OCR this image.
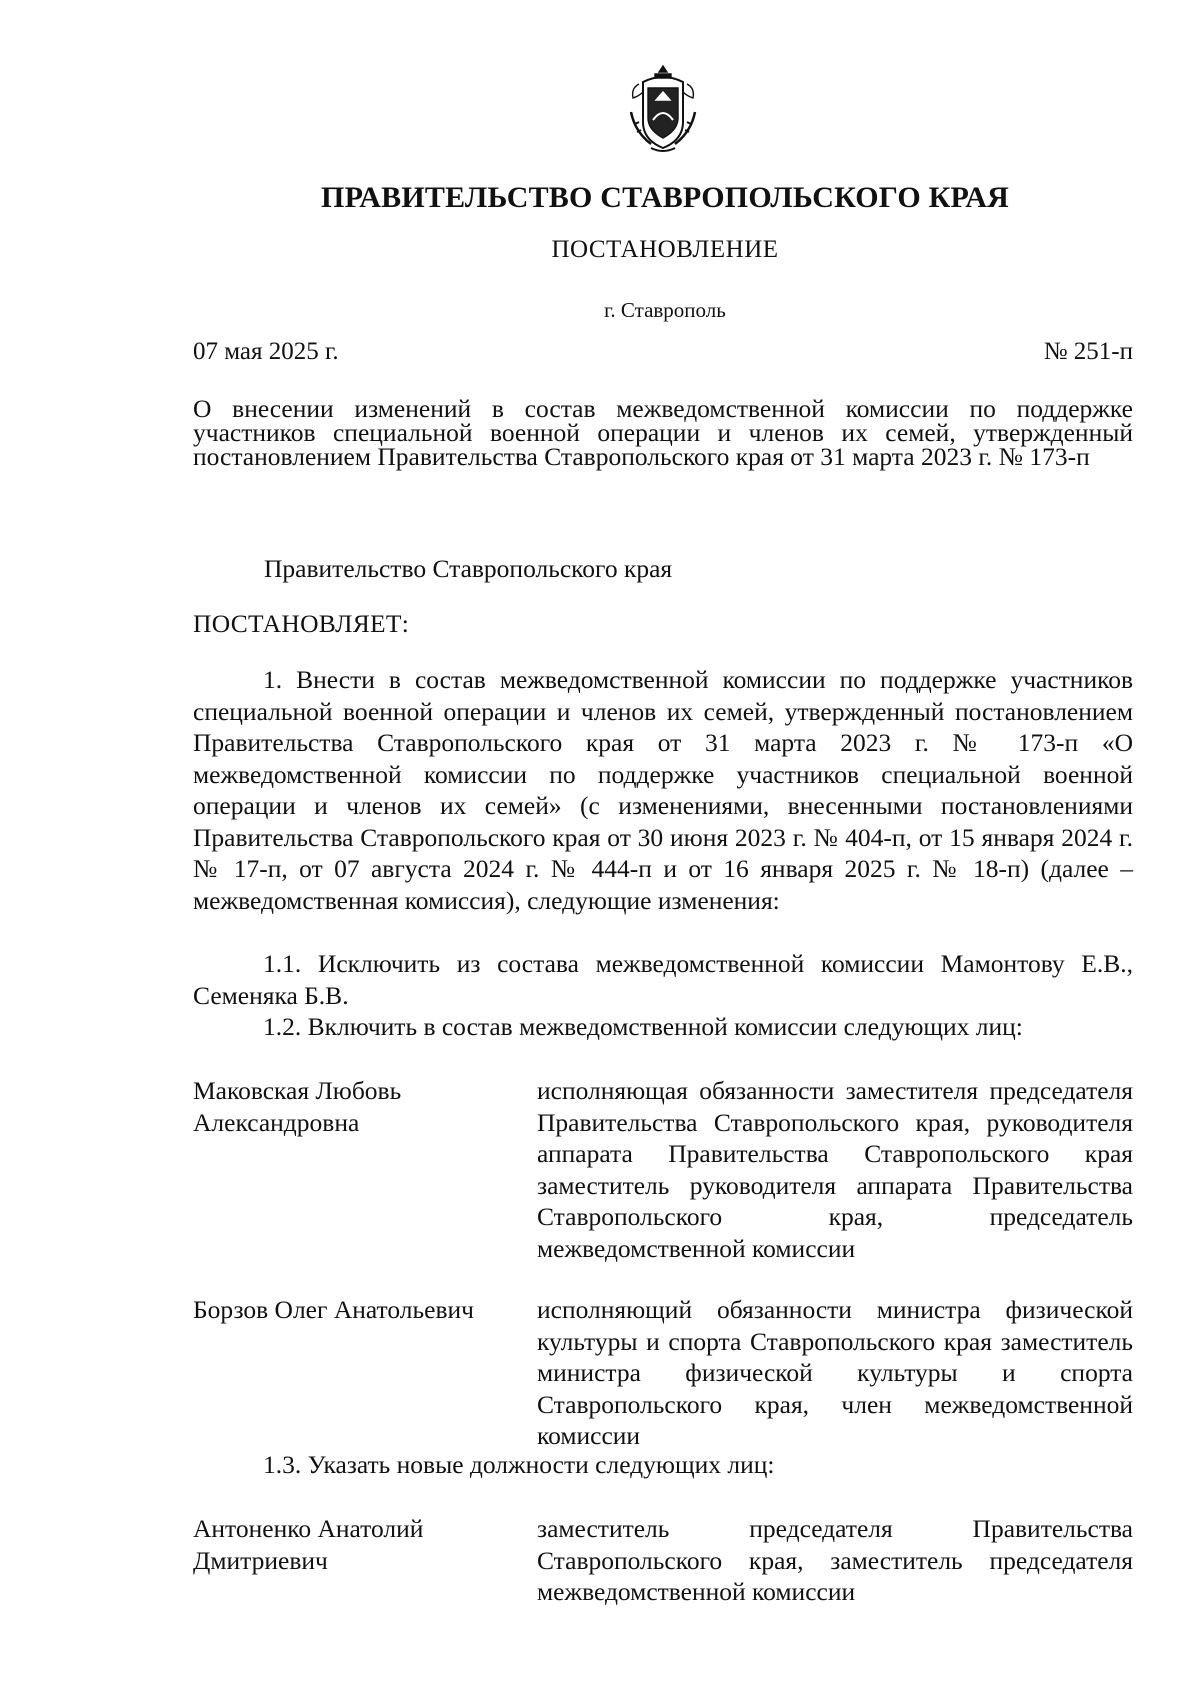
ПРАВИТЕЛЬСТВО СТАВРОПОЛЬСКОГО КРАЯ
ПОСТАНОВЛЕНИЕ
г. Ставрополь
07 мая 2025 г.	№ 251-п
О внесении изменений в состав межведомственной комиссии по поддержке участников специальной военной операции и членов их семей, утвержденный постановлением Правительства Ставропольского края от 31 марта 2023 г. № 173-п
Правительство Ставропольского края
ПОСТАНОВЛЯЕТ:
1. Внести в состав межведомственной комиссии по поддержке участников специальной военной операции и членов их семей, утвержденный постановлением Правительства Ставропольского края от 31 марта 2023 г. № 173-п «О межведомственной комиссии по поддержке участников специальной военной операции и членов их семей» (с изменениями, внесенными постановлениями Правительства Ставропольского края от 30 июня 2023 г. № 404-п, от 15 января 2024 г. № 17-п, от 07 августа 2024 г. № 444-п и от 16 января 2025 г. № 18-п) (далее – межведомственная комиссия), следующие изменения:
1.1. Исключить из состава межведомственной комиссии Мамонтову Е.В., Семеняка Б.В.
1.2. Включить в состав межведомственной комиссии следующих лиц:
Маковская Любовь Александровна
исполняющая обязанности заместителя председателя Правительства Ставропольского края, руководителя аппарата Правительства Ставропольского края заместитель руководителя аппарата Правительства Ставропольского края, председатель межведомственной комиссии
Борзов Олег Анатольевич	исполняющий обязанности министра физической культуры и спорта Ставропольского края заместитель министра физической культуры и спорта Ставропольского края, член межведомственной комиссии
1.3. Указать новые должности следующих лиц:
Антоненко Анатолий Дмитриевич
заместитель председателя Правительства Ставропольского края, заместитель председателя межведомственной комиссии
